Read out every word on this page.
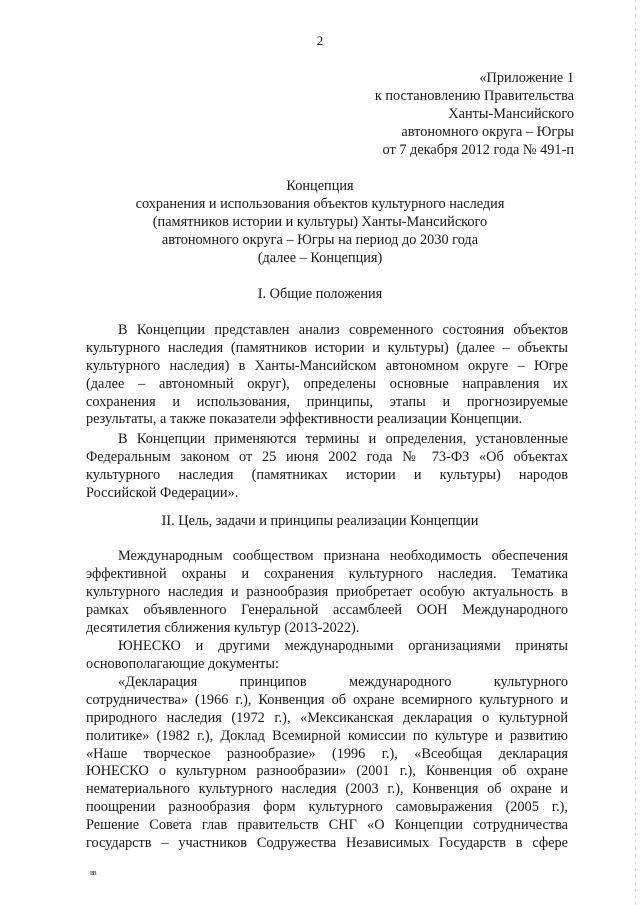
2
«Приложение 1
к постановлению Правительства
Ханты-Мансийского
автономного округа – Югры
от 7 декабря 2012 года № 491-п
Концепция
сохранения и использования объектов культурного наследия
(памятников истории и культуры) Ханты-Мансийского
автономного округа – Югры на период до 2030 года
(далее – Концепция)
I. Общие положения
В Концепции представлен анализ современного состояния объектов
культурного наследия (памятников истории и культуры) (далее – объекты
культурного наследия) в Ханты-Мансийском автономном округе – Югре
(далее – автономный округ), определены основные направления их
сохранения и использования, принципы, этапы и прогнозируемые
результаты, а также показатели эффективности реализации Концепции.
В Концепции применяются термины и определения, установленные
Федеральным законом от 25 июня 2002 года № 73-ФЗ «Об объектах
культурного наследия (памятниках истории и культуры) народов
Российской Федерации».
II. Цель, задачи и принципы реализации Концепции
Международным сообществом признана необходимость обеспечения
эффективной охраны и сохранения культурного наследия. Тематика
культурного наследия и разнообразия приобретает особую актуальность в
рамках объявленного Генеральной ассамблеей ООН Международного
десятилетия сближения культур (2013-2022).
ЮНЕСКО и другими международными организациями приняты
основополагающие документы:
«Декларация принципов международного культурного
сотрудничества» (1966 г.), Конвенция об охране всемирного культурного и
природного наследия (1972 г.), «Мексиканская декларация о культурной
политике» (1982 г.), Доклад Всемирной комиссии по культуре и развитию
«Наше творческое разнообразие» (1996 г.), «Всеобщая декларация
ЮНЕСКО о культурном разнообразии» (2001 г.), Конвенция об охране
нематериального культурного наследия (2003 г.), Конвенция об охране и
поощрении разнообразия форм культурного самовыражения (2005 г.),
Решение Совета глав правительств СНГ «О Концепции сотрудничества
государств – участников Содружества Независимых Государств в сфере
вв
